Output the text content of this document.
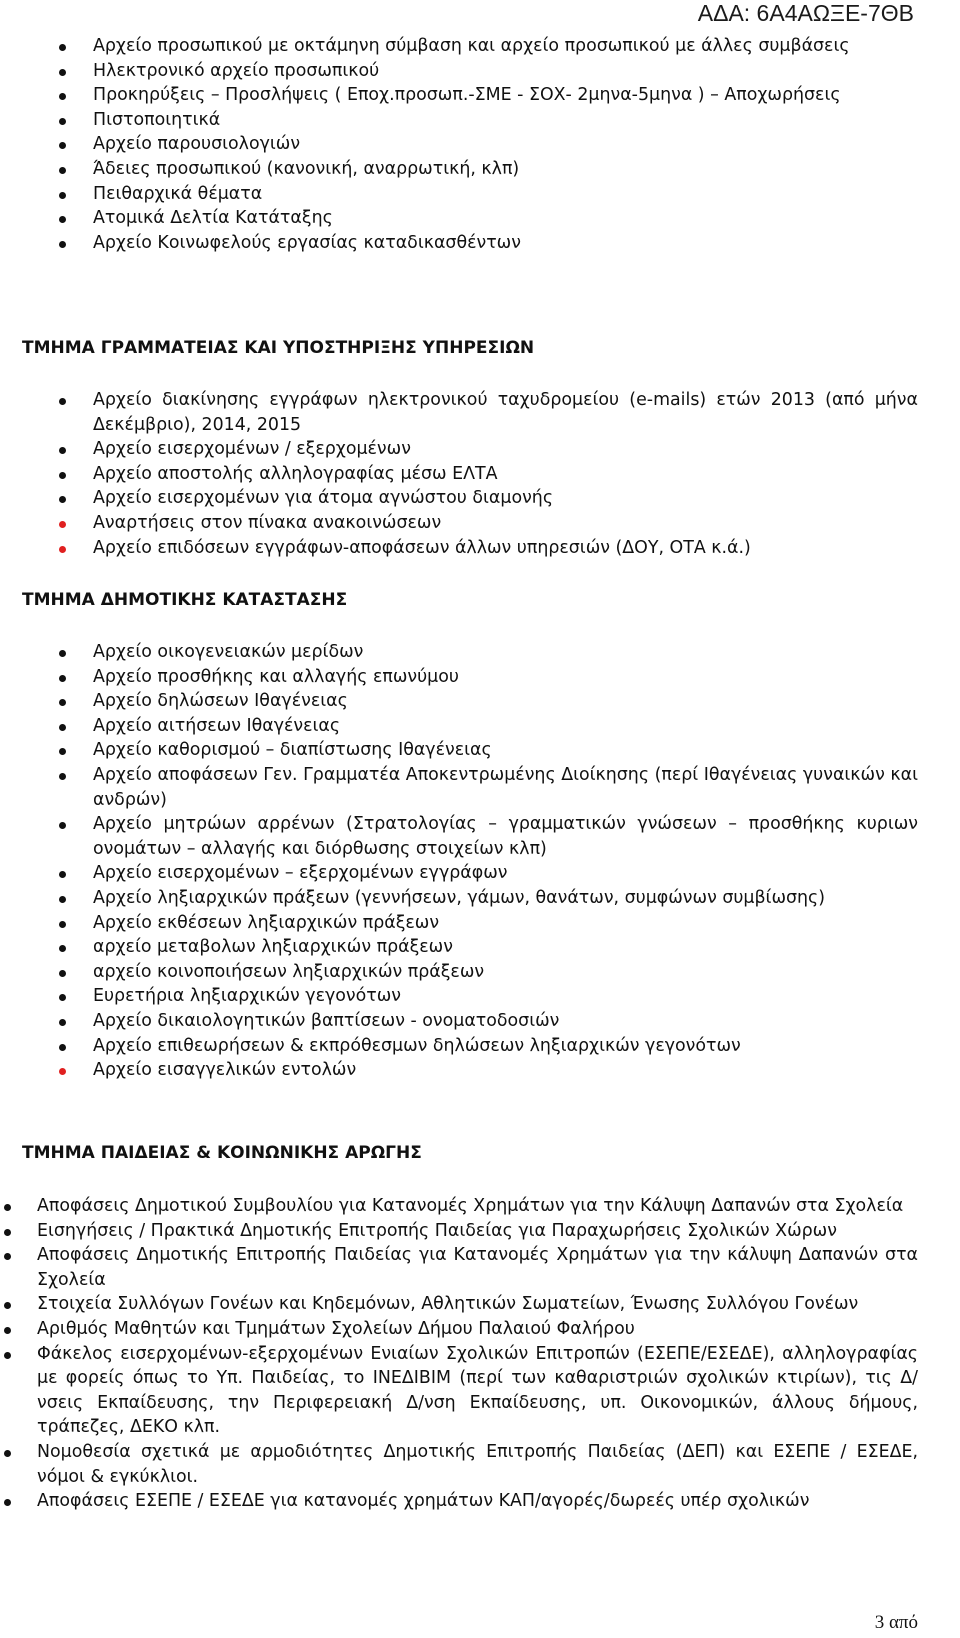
ΑΔΑ: 6Α4ΑΩΞΕ-7ΘΒ
Αρχείο προσωπικού με οκτάμηνη σύμβαση και αρχείο προσωπικού με άλλες συμβάσεις
Ηλεκτρονικό αρχείο προσωπικού
Προκηρύξεις – Προσλήψεις ( Εποχ.προσωπ.-ΣΜΕ - ΣΟΧ- 2μηνα-5μηνα ) – Αποχωρήσεις
Πιστοποιητικά
Αρχείο παρουσιολογιών
Άδειες προσωπικού (κανονική, αναρρωτική, κλπ)
Πειθαρχικά θέματα
Ατομικά Δελτία Κατάταξης
Αρχείο Κοινωφελούς εργασίας καταδικασθέντων
ΤΜΗΜΑ ΓΡΑΜΜΑΤΕΙΑΣ ΚΑΙ ΥΠΟΣΤΗΡΙΞΗΣ ΥΠΗΡΕΣΙΩΝ
Αρχείο διακίνησης εγγράφων ηλεκτρονικού ταχυδρομείου (e-mails) ετών 2013 (από μήνα Δεκέμβριο), 2014, 2015
Αρχείο εισερχομένων / εξερχομένων
Αρχείο αποστολής αλληλογραφίας μέσω ΕΛΤΑ
Αρχείο εισερχομένων για άτομα αγνώστου διαμονής
Αναρτήσεις στον πίνακα ανακοινώσεων
Αρχείο επιδόσεων εγγράφων-αποφάσεων άλλων υπηρεσιών (ΔΟΥ, ΟΤΑ κ.ά.)
ΤΜΗΜΑ ΔΗΜΟΤΙΚΗΣ ΚΑΤΑΣΤΑΣΗΣ
Αρχείο οικογενειακών μερίδων
Αρχείο προσθήκης και αλλαγής επωνύμου
Αρχείο δηλώσεων Ιθαγένειας
Αρχείο αιτήσεων Ιθαγένειας
Αρχείο καθορισμού – διαπίστωσης Ιθαγένειας
Αρχείο αποφάσεων Γεν. Γραμματέα Αποκεντρωμένης Διοίκησης (περί Ιθαγένειας γυναικών και ανδρών)
Αρχείο μητρώων αρρένων (Στρατολογίας – γραμματικών γνώσεων – προσθήκης κυριων ονομάτων – αλλαγής και διόρθωσης στοιχείων κλπ)
Αρχείο εισερχομένων – εξερχομένων εγγράφων
Αρχείο ληξιαρχικών πράξεων (γεννήσεων, γάμων, θανάτων, συμφώνων συμβίωσης)
Αρχείο εκθέσεων ληξιαρχικών πράξεων
αρχείο μεταβολων ληξιαρχικών πράξεων
αρχείο κοινοποιήσεων ληξιαρχικών πράξεων
Ευρετήρια ληξιαρχικών γεγονότων
Αρχείο δικαιολογητικών βαπτίσεων - ονοματοδοσιών
Αρχείο επιθεωρήσεων & εκπρόθεσμων δηλώσεων ληξιαρχικών γεγονότων
Αρχείο εισαγγελικών εντολών
ΤΜΗΜΑ ΠΑΙΔΕΙΑΣ & ΚΟΙΝΩΝΙΚΗΣ ΑΡΩΓΗΣ
Αποφάσεις Δημοτικού Συμβουλίου για Κατανομές Χρημάτων για την Κάλυψη Δαπανών στα Σχολεία
Εισηγήσεις / Πρακτικά Δημοτικής Επιτροπής Παιδείας για Παραχωρήσεις Σχολικών Χώρων
Αποφάσεις Δημοτικής Επιτροπής Παιδείας για Κατανομές Χρημάτων για την κάλυψη Δαπανών στα Σχολεία
Στοιχεία Συλλόγων Γονέων και Κηδεμόνων, Αθλητικών Σωματείων, Ένωσης Συλλόγου Γονέων
Αριθμός Μαθητών και Τμημάτων Σχολείων Δήμου Παλαιού Φαλήρου
Φάκελος εισερχομένων-εξερχομένων Ενιαίων Σχολικών Επιτροπών (ΕΣΕΠΕ/ΕΣΕΔΕ), αλληλογραφίας με φορείς όπως το Υπ. Παιδείας, το ΙΝΕΔΙΒΙΜ (περί των καθαριστριών σχολικών κτιρίων), τις Δ/νσεις Εκπαίδευσης, την Περιφερειακή Δ/νση Εκπαίδευσης, υπ. Οικονομικών, άλλους δήμους, τράπεζες, ΔΕΚΟ κλπ.
Νομοθεσία σχετικά με αρμοδιότητες Δημοτικής Επιτροπής Παιδείας (ΔΕΠ) και ΕΣΕΠΕ / ΕΣΕΔΕ, νόμοι & εγκύκλιοι.
Αποφάσεις ΕΣΕΠΕ / ΕΣΕΔΕ για κατανομές χρημάτων ΚΑΠ/αγορές/δωρεές υπέρ σχολικών
3 από
